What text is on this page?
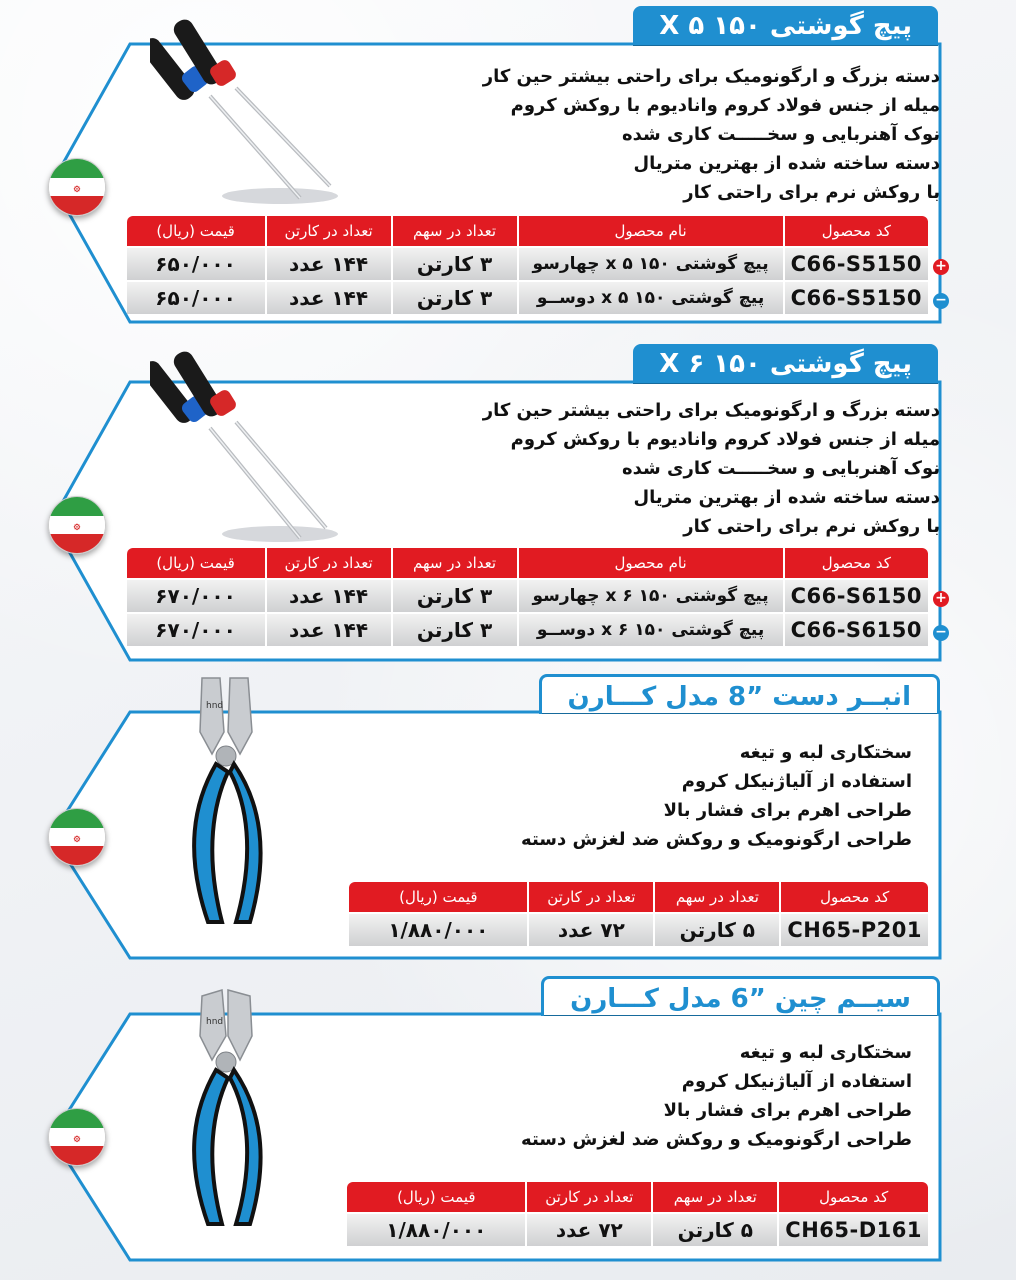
پیچ گوشتی ۱۵۰ X ۵
دسته بزرگ و ارگونومیک برای راحتی بیشتر حین کار
میله از جنس فولاد کروم وانادیوم با روکش کروم
نوک آهنربایی و سخـــــت کاری شده
دسته ساخته شده از بهترین متریال
با روکش نرم برای راحتی کار
۞
کد محصول	نام محصول	تعداد در سهم	تعداد در کارتن	قیمت (ریال)
C66-S5150	پیچ گوشتی ۱۵۰ x ۵ چهارسو	۳ کارتن	۱۴۴ عدد	۶۵۰/۰۰۰
C66-S5150	پیچ گوشتی ۱۵۰ x ۵ دوســو	۳ کارتن	۱۴۴ عدد	۶۵۰/۰۰۰
+
−
پیچ گوشتی ۱۵۰ X ۶
دسته بزرگ و ارگونومیک برای راحتی بیشتر حین کار
میله از جنس فولاد کروم وانادیوم با روکش کروم
نوک آهنربایی و سخـــــت کاری شده
دسته ساخته شده از بهترین متریال
با روکش نرم برای راحتی کار
۞
کد محصول	نام محصول	تعداد در سهم	تعداد در کارتن	قیمت (ریال)
C66-S6150	پیچ گوشتی ۱۵۰ x ۶ چهارسو	۳ کارتن	۱۴۴ عدد	۶۷۰/۰۰۰
C66-S6150	پیچ گوشتی ۱۵۰ x ۶ دوســو	۳ کارتن	۱۴۴ عدد	۶۷۰/۰۰۰
+
−
انبــر دست ”8 مدل کـــارن
hnd
سختکاری لبه و تیغه
استفاده از آلیاژنیکل کروم
طراحی اهرم برای فشار بالا
طراحی ارگونومیک و روکش ضد لغزش دسته
۞
کد محصول	تعداد در سهم	تعداد در کارتن	قیمت (ریال)
CH65-P201	۵ کارتن	۷۲ عدد	۱/۸۸۰/۰۰۰
سیــم چین ”6 مدل کـــارن
hnd
سختکاری لبه و تیغه
استفاده از آلیاژنیکل کروم
طراحی اهرم برای فشار بالا
طراحی ارگونومیک و روکش ضد لغزش دسته
۞
کد محصول	تعداد در سهم	تعداد در کارتن	قیمت (ریال)
CH65-D161	۵ کارتن	۷۲ عدد	۱/۸۸۰/۰۰۰
